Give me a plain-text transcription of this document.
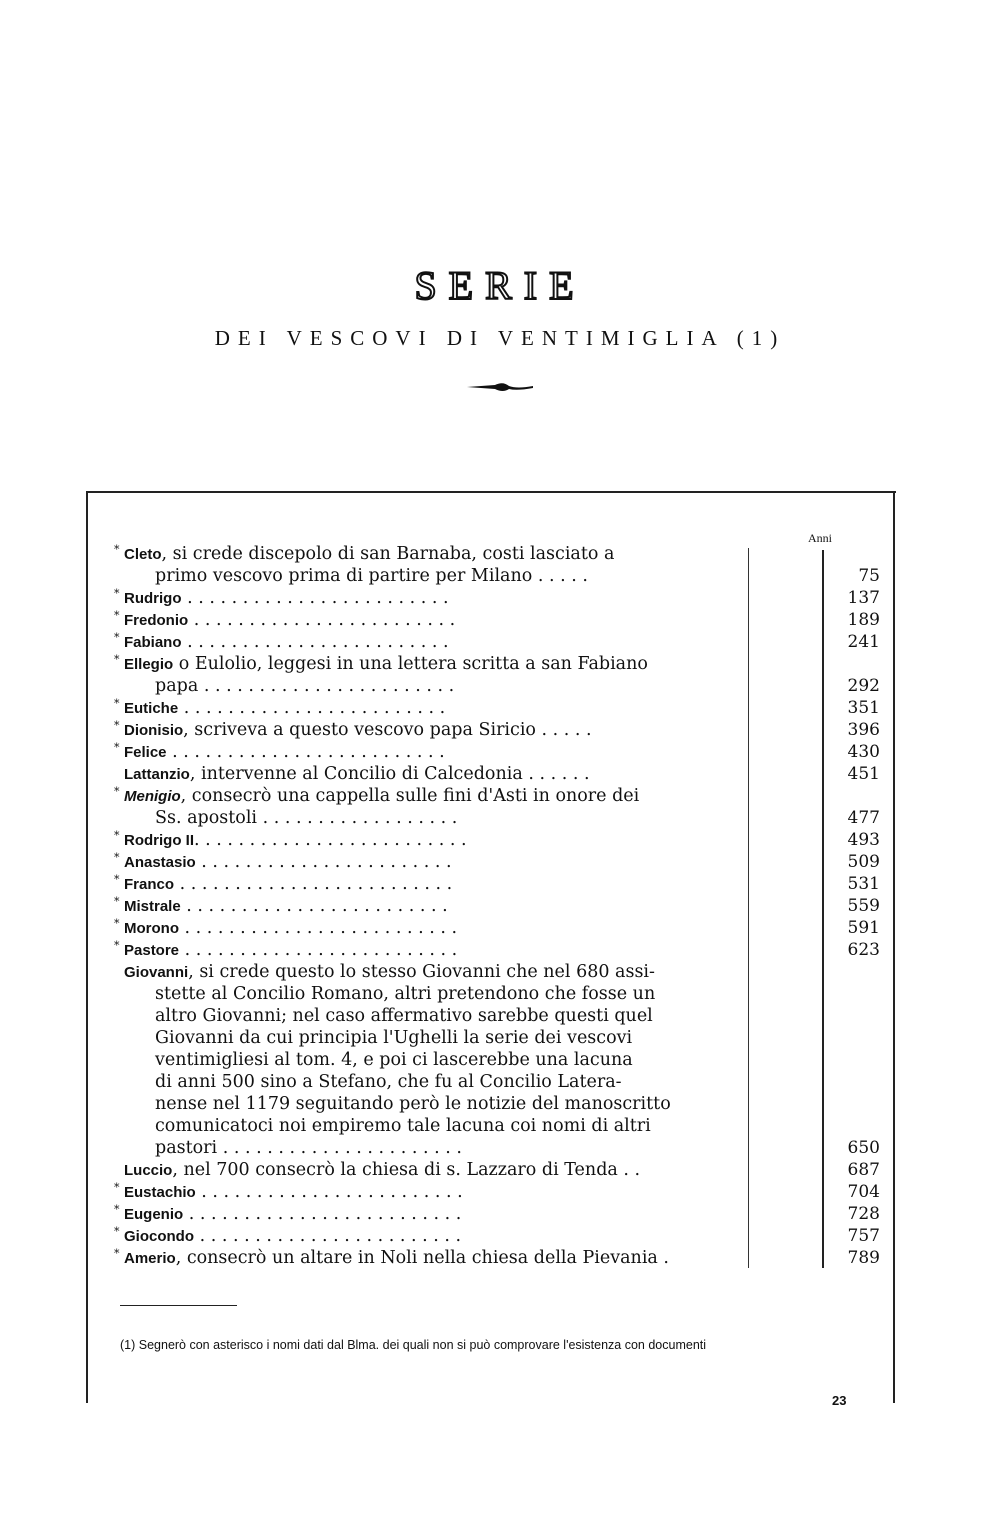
SERIE
DEI VESCOVI DI VENTIMIGLIA (1)
Anni
* Cleto, si crede discepolo di san Barnaba, costi lasciato a
primo vescovo prima di partire per Milano . . . . .	75
* Rudrigo . . . . . . . . . . . . . . . . . . . . . . . .	137
* Fredonio . . . . . . . . . . . . . . . . . . . . . . . .	189
* Fabiano . . . . . . . . . . . . . . . . . . . . . . . .	241
* Ellegio o Eulolio, leggesi in una lettera scritta a san Fabiano
papa . . . . . . . . . . . . . . . . . . . . . . .	292
* Eutiche . . . . . . . . . . . . . . . . . . . . . . . .	351
* Dionisio, scriveva a questo vescovo papa Siricio . . . . .	396
* Felice . . . . . . . . . . . . . . . . . . . . . . . . .	430
Lattanzio, intervenne al Concilio di Calcedonia . . . . . .	451
* Menigio, consecrò una cappella sulle fini d'Asti in onore dei
Ss. apostoli . . . . . . . . . . . . . . . . . .	477
* Rodrigo II. . . . . . . . . . . . . . . . . . . . . . . . .	493
* Anastasio . . . . . . . . . . . . . . . . . . . . . . .	509
* Franco . . . . . . . . . . . . . . . . . . . . . . . . .	531
* Mistrale . . . . . . . . . . . . . . . . . . . . . . . .	559
* Morono . . . . . . . . . . . . . . . . . . . . . . . . .	591
* Pastore . . . . . . . . . . . . . . . . . . . . . . . . .	623
Giovanni, si crede questo lo stesso Giovanni che nel 680 assi-
stette al Concilio Romano, altri pretendono che fosse un
altro Giovanni; nel caso affermativo sarebbe questi quel
Giovanni da cui principia l'Ughelli la serie dei vescovi
ventimigliesi al tom. 4, e poi ci lascerebbe una lacuna
di anni 500 sino a Stefano, che fu al Concilio Latera-
nense nel 1179 seguitando però le notizie del manoscritto
comunicatoci noi empiremo tale lacuna coi nomi di altri
pastori . . . . . . . . . . . . . . . . . . . . . .	650
Luccio, nel 700 consecrò la chiesa di s. Lazzaro di Tenda . .	687
* Eustachio . . . . . . . . . . . . . . . . . . . . . . . .	704
* Eugenio . . . . . . . . . . . . . . . . . . . . . . . . .	728
* Giocondo . . . . . . . . . . . . . . . . . . . . . . . .	757
* Amerio, consecrò un altare in Noli nella chiesa della Pievania .	789
(1) Segnerò con asterisco i nomi dati dal Blma. dei quali non si può comprovare l'esistenza con documenti
23
